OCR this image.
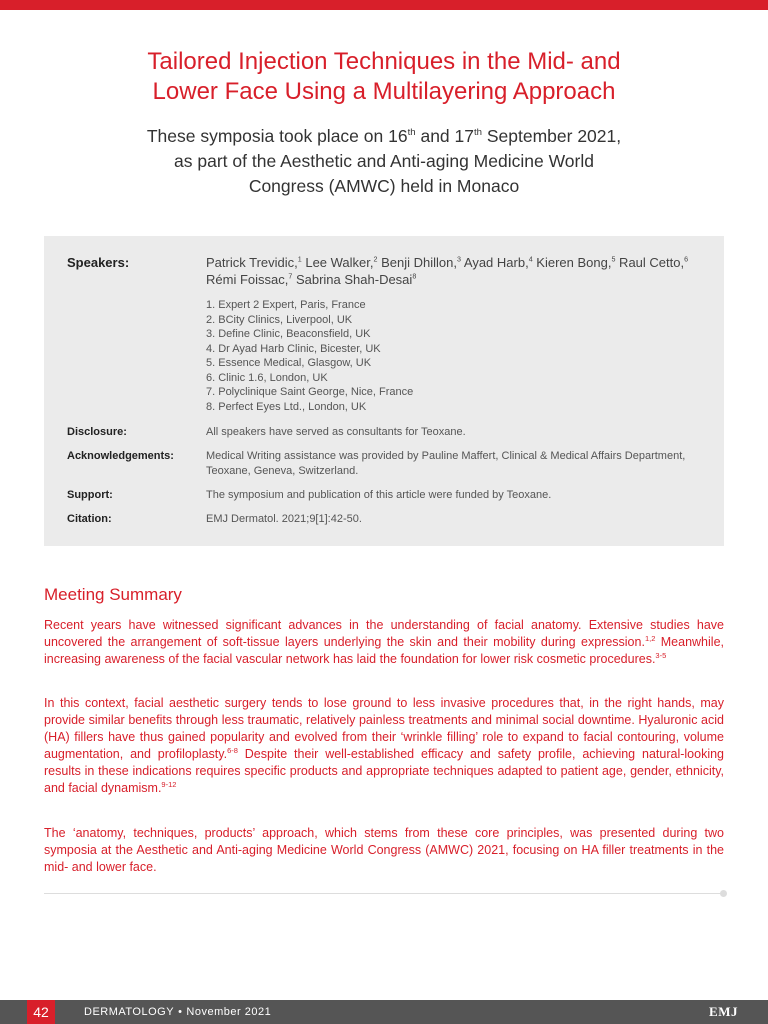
Tailored Injection Techniques in the Mid- and
Lower Face Using a Multilayering Approach
These symposia took place on 16th and 17th September 2021,
as part of the Aesthetic and Anti-aging Medicine World
Congress (AMWC) held in Monaco
Speakers:	Patrick Trevidic,$^1$ Lee Walker,$^2$ Benji Dhillon,$^3$ Ayad Harb,$^4$ Kieren Bong,$^5$ Raul Cetto,$^6$ Rémi Foissac,$^7$ Sabrina Shah-Desai$^8$
1. Expert 2 Expert, Paris, France
2. BCity Clinics, Liverpool, UK
3. Define Clinic, Beaconsfield, UK
4. Dr Ayad Harb Clinic, Bicester, UK
5. Essence Medical, Glasgow, UK
6. Clinic 1.6, London, UK
7. Polyclinique Saint George, Nice, France
8. Perfect Eyes Ltd., London, UK
Disclosure:	All speakers have served as consultants for Teoxane.
Acknowledgements:	Medical Writing assistance was provided by Pauline Maffert, Clinical & Medical Affairs Department, Teoxane, Geneva, Switzerland.
Support:	The symposium and publication of this article were funded by Teoxane.
Citation:	EMJ Dermatol. 2021;9[1]:42-50.
Meeting Summary
Recent years have witnessed significant advances in the understanding of facial anatomy. Extensive studies have uncovered the arrangement of soft-tissue layers underlying the skin and their mobility during expression.$^{1,2}$ Meanwhile, increasing awareness of the facial vascular network has laid the foundation for lower risk cosmetic procedures.$^{3-5}$
In this context, facial aesthetic surgery tends to lose ground to less invasive procedures that, in the right hands, may provide similar benefits through less traumatic, relatively painless treatments and minimal social downtime. Hyaluronic acid (HA) fillers have thus gained popularity and evolved from their ‘wrinkle filling’ role to expand to facial contouring, volume augmentation, and profiloplasty.$^{6-8}$ Despite their well-established efficacy and safety profile, achieving natural-looking results in these indications requires specific products and appropriate techniques adapted to patient age, gender, ethnicity, and facial dynamism.$^{9-12}$
The ‘anatomy, techniques, products’ approach, which stems from these core principles, was presented during two symposia at the Aesthetic and Anti-aging Medicine World Congress (AMWC) 2021, focusing on HA filler treatments in the mid- and lower face.
42	DERMATOLOGY • November 2021	EMJ
